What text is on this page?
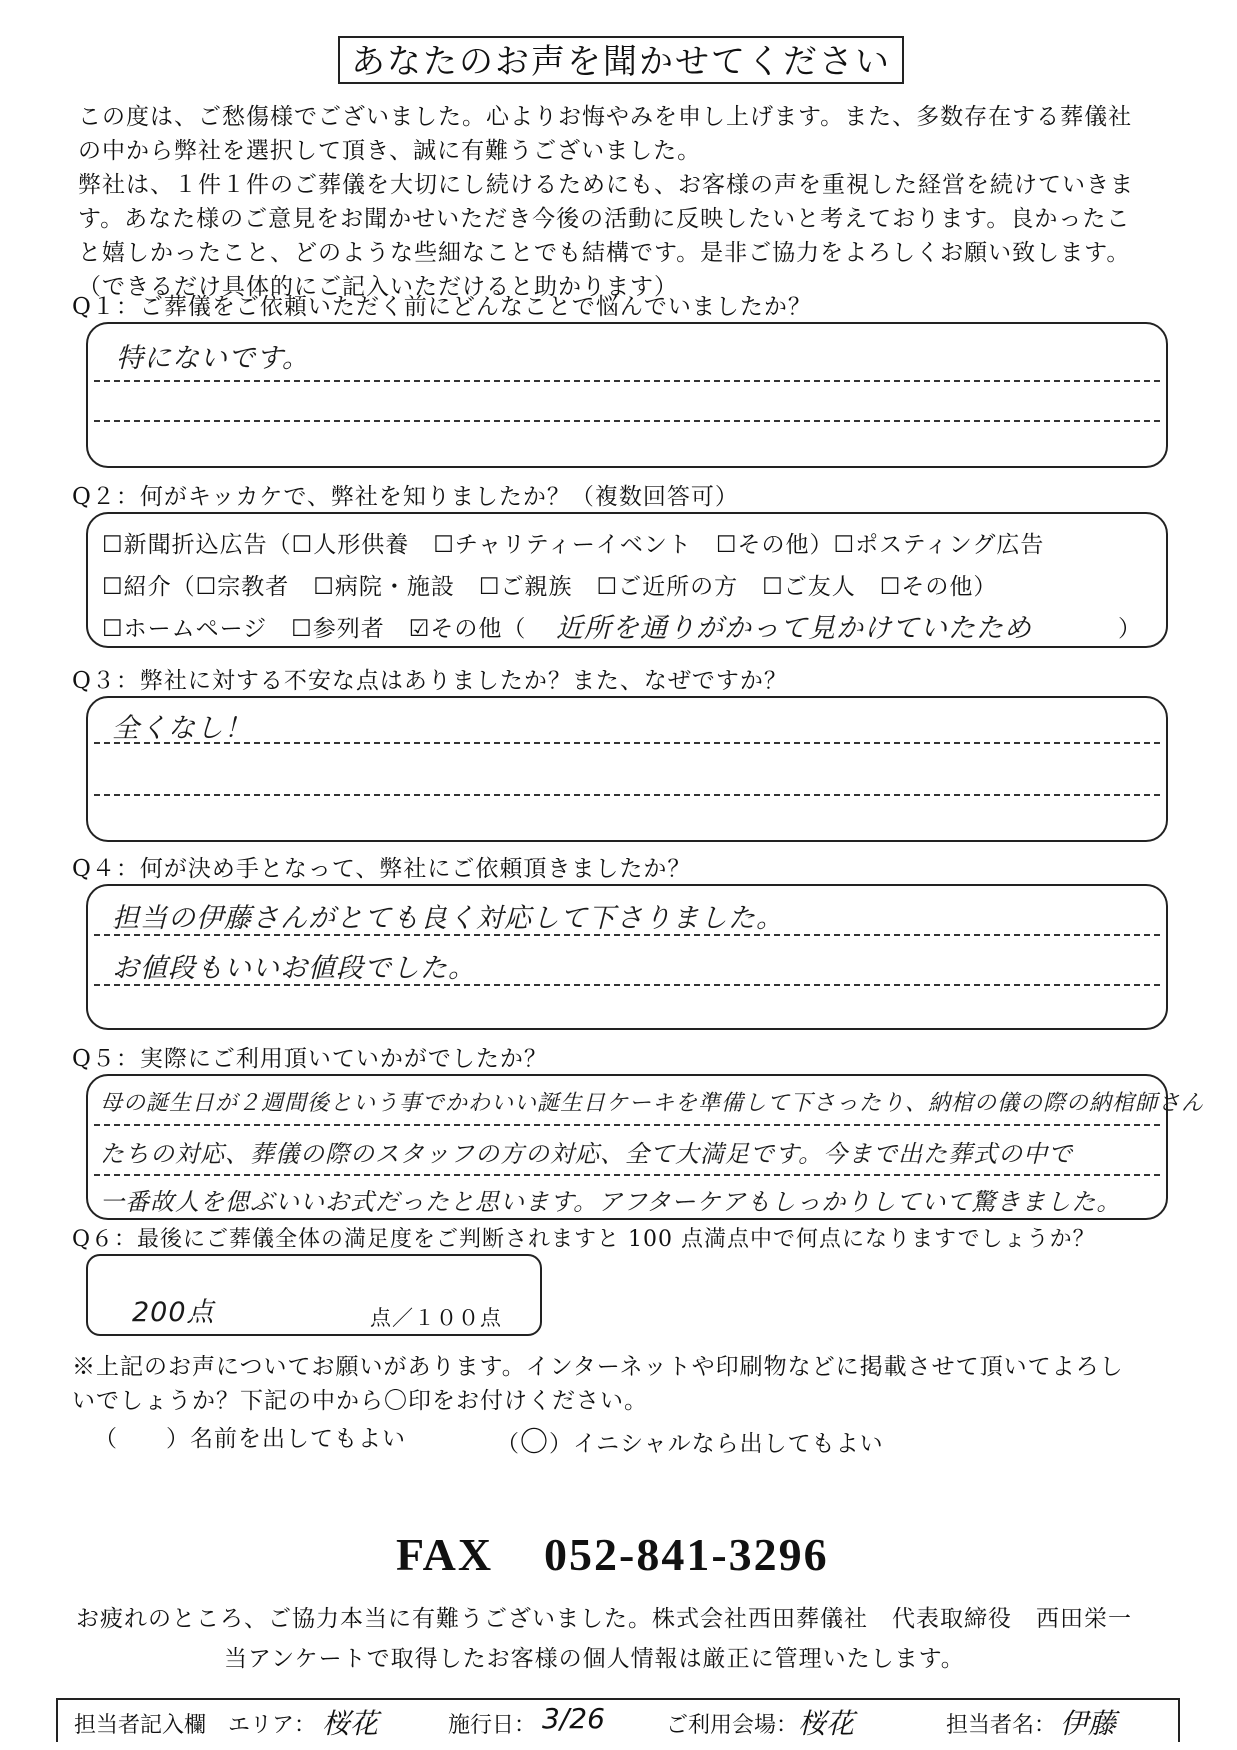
あなたのお声を聞かせてください

この度は、ご愁傷様でございました。心よりお悔やみを申し上げます。また、多数存在する葬儀社

の中から弊社を選択して頂き、誠に有難うございました。

弊社は、１件１件のご葬儀を大切にし続けるためにも、お客様の声を重視した経営を続けていきま

す。あなた様のご意見をお聞かせいただき今後の活動に反映したいと考えております。良かったこ

と嬉しかったこと、どのような些細なことでも結構です。是非ご協力をよろしくお願い致します。

（できるだけ具体的にご記入いただけると助かります）

Q１：ご葬儀をご依頼いただく前にどんなことで悩んでいましたか？
特にないです。
Q２：何がキッカケで、弊社を知りましたか？（複数回答可）
☐新聞折込広告（☐人形供養　☐チャリティーイベント　☐その他）☐ポスティング広告
☐紹介（☐宗教者　☐病院・施設　☐ご親族　☐ご近所の方　☐ご友人　☐その他）
☐ホームページ　☐参列者　☑その他（ 近所を通りがかって見かけていたため	）
Q３：弊社に対する不安な点はありましたか？また、なぜですか？
全くなし！
Q４：何が決め手となって、弊社にご依頼頂きましたか？
担当の伊藤さんがとても良く対応して下さりました。
お値段もいいお値段でした。
Q５：実際にご利用頂いていかがでしたか？
母の誕生日が２週間後という事でかわいい誕生日ケーキを準備して下さったり、納棺の儀の際の納棺師さん
たちの対応、葬儀の際のスタッフの方の対応、全て大満足です。今まで出た葬式の中で
一番故人を偲ぶいいお式だったと思います。アフターケアもしっかりしていて驚きました。
Q６：最後にご葬儀全体の満足度をご判断されますと 100 点満点中で何点になりますでしょうか？
200点	点／１００点
※上記のお声についてお願いがあります。インターネットや印刷物などに掲載させて頂いてよろし
いでしょうか？下記の中から〇印をお付けください。
（　　）名前を出してもよい	（〇）イニシャルなら出してもよい
FAX 052-841-3296
お疲れのところ、ご協力本当に有難うございました。株式会社西田葬儀社　代表取締役　西田栄一
当アンケートで取得したお客様の個人情報は厳正に管理いたします。
担当者記入欄 エリア： 桜花	施行日： 3/26	ご利用会場： 桜花	担当者名： 伊藤
